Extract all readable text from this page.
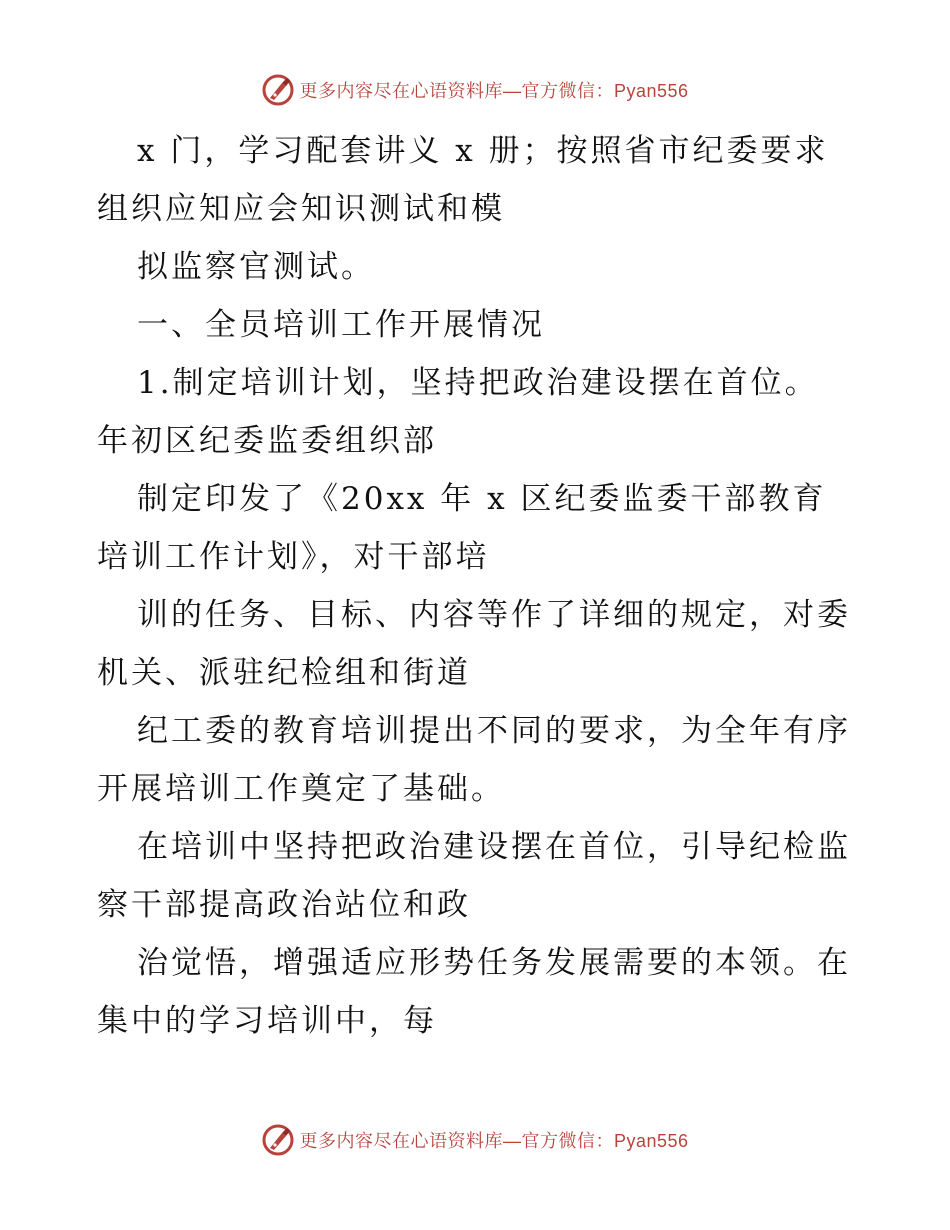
更多内容尽在心语资料库—官方微信：Pyan556

x 门，学习配套讲义 x 册；按照省市纪委要求组织应知应会知识测试和模

拟监察官测试。

一、全员培训工作开展情况

1.制定培训计划，坚持把政治建设摆在首位。年初区纪委监委组织部

制定印发了《20xx 年 x 区纪委监委干部教育培训工作计划》，对干部培

训的任务、目标、内容等作了详细的规定，对委机关、派驻纪检组和街道

纪工委的教育培训提出不同的要求，为全年有序开展培训工作奠定了基础。

在培训中坚持把政治建设摆在首位，引导纪检监察干部提高政治站位和政

治觉悟，增强适应形势任务发展需要的本领。在集中的学习培训中，每

更多内容尽在心语资料库—官方微信：Pyan556
